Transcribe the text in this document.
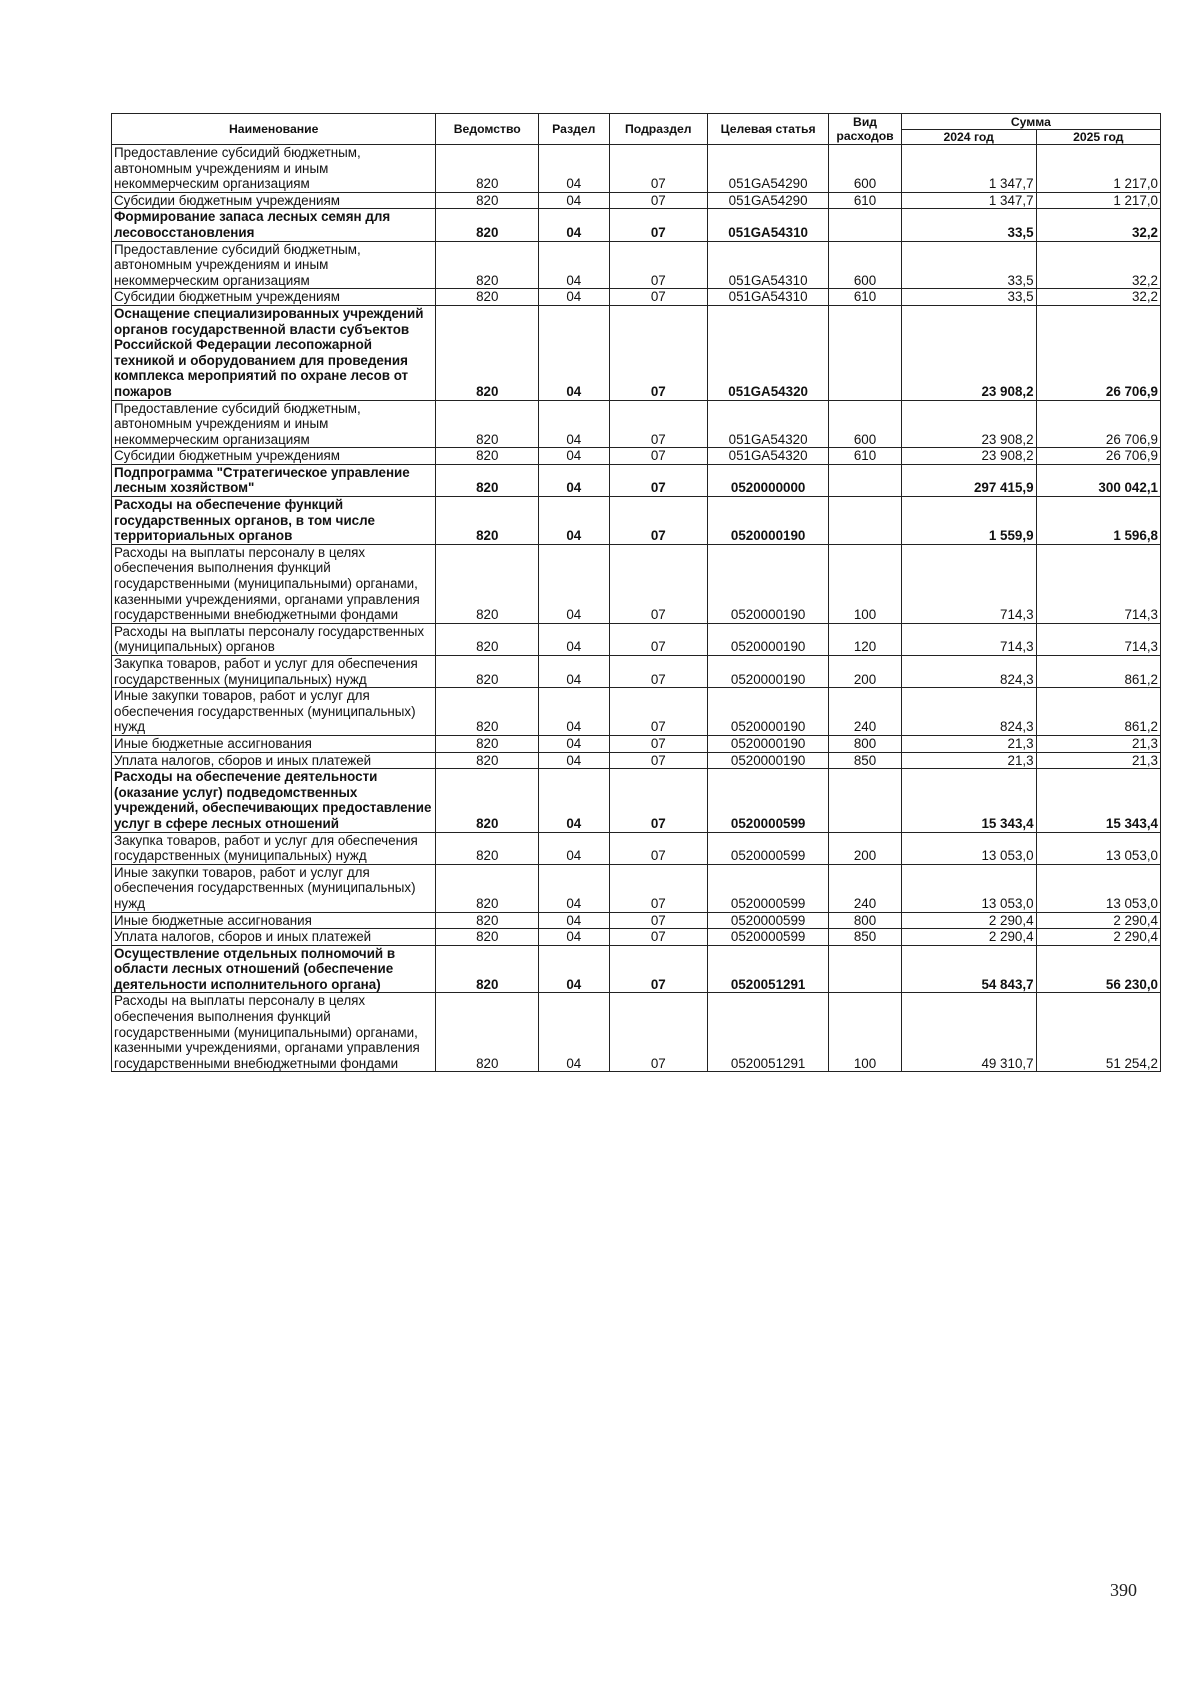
Наименование	Ведомство	Раздел	Подраздел	Целевая статья	Вид расходов	Сумма	
						2024 год	2025 год
Предоставление субсидий бюджетным, автономным учреждениям и иным некоммерческим организациям	820	04	07	051GA54290	600	1 347,7	1 217,0
Субсидии бюджетным учреждениям	820	04	07	051GA54290	610	1 347,7	1 217,0
Формирование запаса лесных семян для лесовосстановления	820	04	07	051GA54310		33,5	32,2
Предоставление субсидий бюджетным, автономным учреждениям и иным некоммерческим организациям	820	04	07	051GA54310	600	33,5	32,2
Субсидии бюджетным учреждениям	820	04	07	051GA54310	610	33,5	32,2
Оснащение специализированных учреждений органов государственной власти субъектов Российской Федерации лесопожарной техникой и оборудованием для проведения комплекса мероприятий по охране лесов от пожаров	820	04	07	051GA54320		23 908,2	26 706,9
Предоставление субсидий бюджетным, автономным учреждениям и иным некоммерческим организациям	820	04	07	051GA54320	600	23 908,2	26 706,9
Субсидии бюджетным учреждениям	820	04	07	051GA54320	610	23 908,2	26 706,9
Подпрограмма "Стратегическое управление лесным хозяйством"	820	04	07	0520000000		297 415,9	300 042,1
Расходы на обеспечение функций государственных органов, в том числе территориальных органов	820	04	07	0520000190		1 559,9	1 596,8
Расходы на выплаты персоналу в целях обеспечения выполнения функций государственными (муниципальными) органами, казенными учреждениями, органами управления государственными внебюджетными фондами	820	04	07	0520000190	100	714,3	714,3
Расходы на выплаты персоналу государственных (муниципальных) органов	820	04	07	0520000190	120	714,3	714,3
Закупка товаров, работ и услуг для обеспечения государственных (муниципальных) нужд	820	04	07	0520000190	200	824,3	861,2
Иные закупки товаров, работ и услуг для обеспечения государственных (муниципальных) нужд	820	04	07	0520000190	240	824,3	861,2
Иные бюджетные ассигнования	820	04	07	0520000190	800	21,3	21,3
Уплата налогов, сборов и иных платежей	820	04	07	0520000190	850	21,3	21,3
Расходы на обеспечение деятельности (оказание услуг) подведомственных учреждений, обеспечивающих предоставление услуг в сфере лесных отношений	820	04	07	0520000599		15 343,4	15 343,4
Закупка товаров, работ и услуг для обеспечения государственных (муниципальных) нужд	820	04	07	0520000599	200	13 053,0	13 053,0
Иные закупки товаров, работ и услуг для обеспечения государственных (муниципальных) нужд	820	04	07	0520000599	240	13 053,0	13 053,0
Иные бюджетные ассигнования	820	04	07	0520000599	800	2 290,4	2 290,4
Уплата налогов, сборов и иных платежей	820	04	07	0520000599	850	2 290,4	2 290,4
Осуществление отдельных полномочий в области лесных отношений (обеспечение деятельности исполнительного органа)	820	04	07	0520051291		54 843,7	56 230,0
Расходы на выплаты персоналу в целях обеспечения выполнения функций государственными (муниципальными) органами, казенными учреждениями, органами управления государственными внебюджетными фондами	820	04	07	0520051291	100	49 310,7	51 254,2
390
